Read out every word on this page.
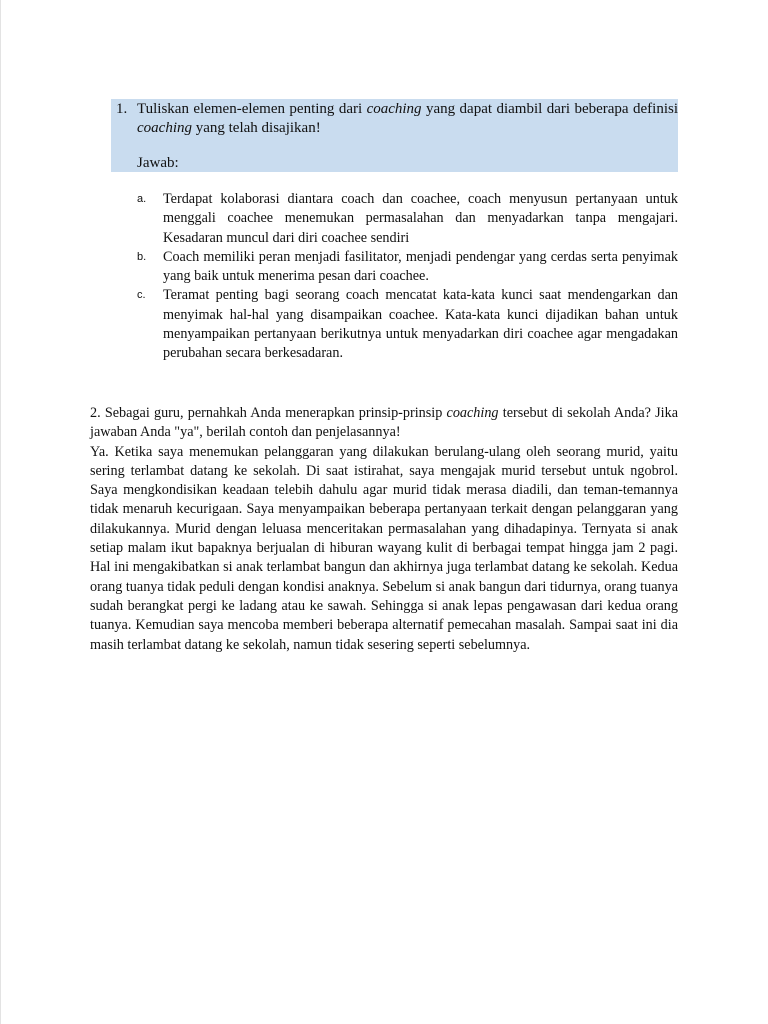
1. Tuliskan elemen-elemen penting dari coaching yang dapat diambil dari beberapa definisi coaching yang telah disajikan!
Jawab:
a. Terdapat kolaborasi diantara coach dan coachee, coach menyusun pertanyaan untuk menggali coachee menemukan permasalahan dan menyadarkan tanpa mengajari. Kesadaran muncul dari diri coachee sendiri
b. Coach memiliki peran menjadi fasilitator, menjadi pendengar yang cerdas serta penyimak yang baik untuk menerima pesan dari coachee.
c. Teramat penting bagi seorang coach mencatat kata-kata kunci saat mendengarkan dan menyimak hal-hal yang disampaikan coachee. Kata-kata kunci dijadikan bahan untuk menyampaikan pertanyaan berikutnya untuk menyadarkan diri coachee agar mengadakan perubahan secara berkesadaran.

2. Sebagai guru, pernahkah Anda menerapkan prinsip-prinsip coaching tersebut di sekolah Anda? Jika jawaban Anda "ya", berilah contoh dan penjelasannya!

Ya. Ketika saya menemukan pelanggaran yang dilakukan berulang-ulang oleh seorang murid, yaitu sering terlambat datang ke sekolah. Di saat istirahat, saya mengajak murid tersebut untuk ngobrol. Saya mengkondisikan keadaan telebih dahulu agar murid tidak merasa diadili, dan teman-temannya tidak menaruh kecurigaan. Saya menyampaikan beberapa pertanyaan terkait dengan pelanggaran yang dilakukannya. Murid dengan leluasa menceritakan permasalahan yang dihadapinya. Ternyata si anak setiap malam ikut bapaknya berjualan di hiburan wayang kulit di berbagai tempat hingga jam 2 pagi. Hal ini mengakibatkan si anak terlambat bangun dan akhirnya juga terlambat datang ke sekolah. Kedua orang tuanya tidak peduli dengan kondisi anaknya. Sebelum si anak bangun dari tidurnya, orang tuanya sudah berangkat pergi ke ladang atau ke sawah. Sehingga si anak lepas pengawasan dari kedua orang tuanya. Kemudian saya mencoba memberi beberapa alternatif pemecahan masalah. Sampai saat ini dia masih terlambat datang ke sekolah, namun tidak sesering seperti sebelumnya.
